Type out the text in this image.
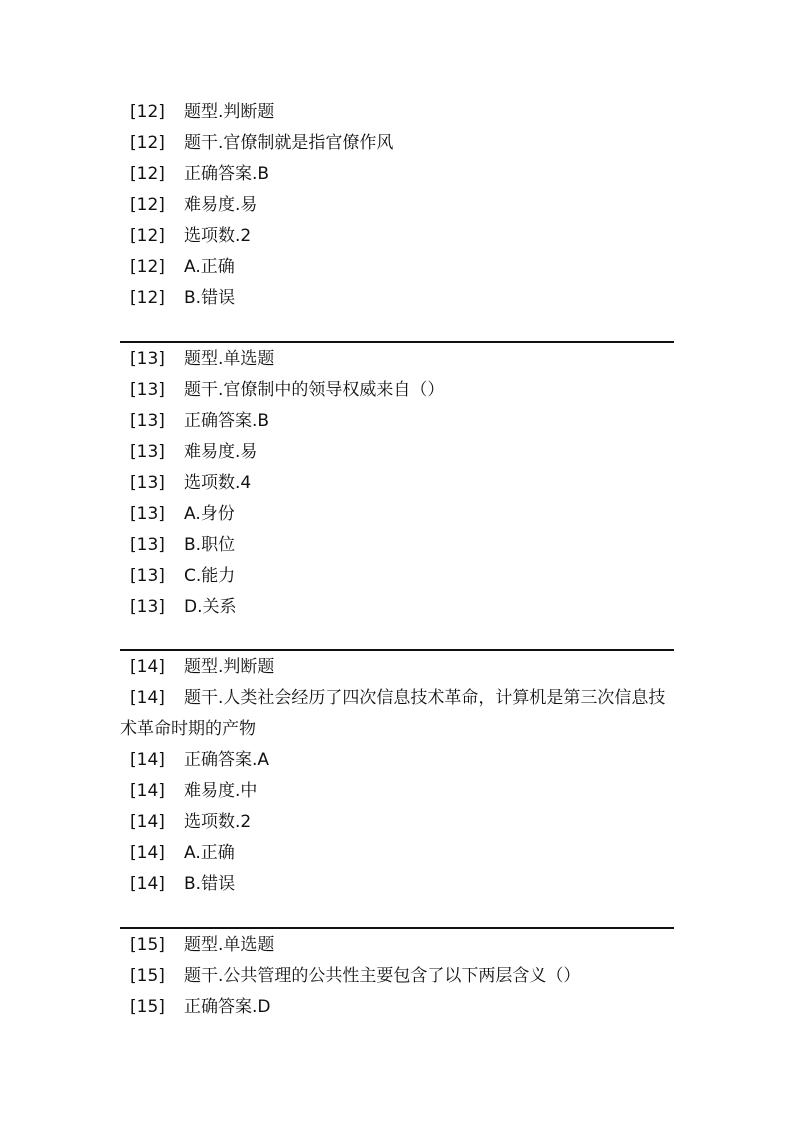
[12]	题型.判断题
[12]	题干.官僚制就是指官僚作风
[12]	正确答案.B
[12]	难易度.易
[12]	选项数.2
[12]	A.正确
[12]	B.错误
[13]	题型.单选题
[13]	题干.官僚制中的领导权威来自（）
[13]	正确答案.B
[13]	难易度.易
[13]	选项数.4
[13]	A.身份
[13]	B.职位
[13]	C.能力
[13]	D.关系
[14]	题型.判断题
[14] 题干.人类社会经历了四次信息技术革命，计算机是第三次信息技术革命时期的产物
[14]	正确答案.A
[14]	难易度.中
[14]	选项数.2
[14]	A.正确
[14]	B.错误
[15]	题型.单选题
[15]	题干.公共管理的公共性主要包含了以下两层含义（）
[15]	正确答案.D
